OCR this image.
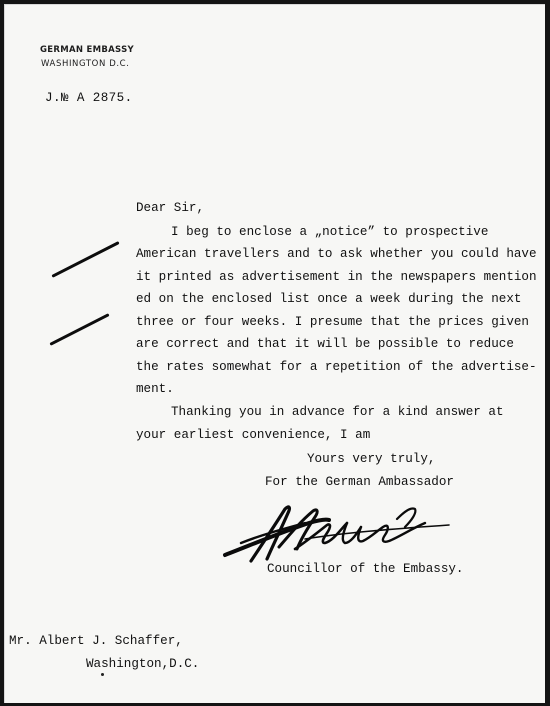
GERMAN EMBASSY
WASHINGTON D.C.
J.№ A 2875.
Dear Sir,
I beg to enclose a „notice” to prospective
American travellers and to ask whether you could have
it printed as advertisement in the newspapers mention
ed on the enclosed list once a week during the next
three or four weeks. I presume that the prices given
are correct and that it will be possible to reduce
the rates somewhat for a repetition of the advertise-
ment.
Thanking you in advance for a kind answer at
your earliest convenience, I am
Yours very truly,
For the German Ambassador
Councillor of the Embassy.
Mr. Albert J. Schaffer,
Washington,D.C.
